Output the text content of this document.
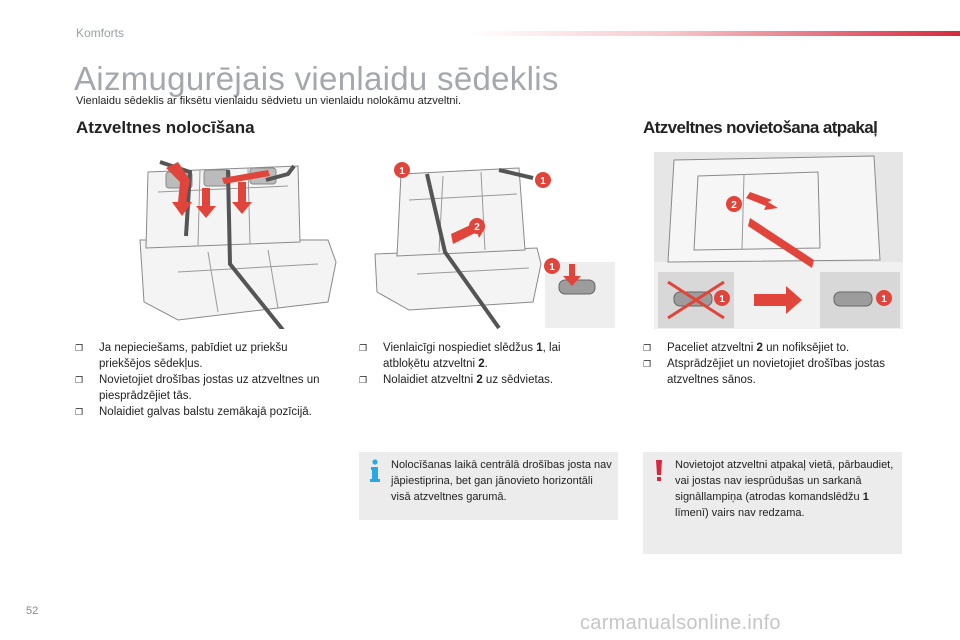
Komforts
Aizmugurējais vienlaidu sēdeklis
Vienlaidu sēdeklis ar fiksētu vienlaidu sēdvietu un vienlaidu nolokāmu atzveltni.
Atzveltnes nolocīšana	Atzveltnes novietošana atpakaļ
1
1
2
1
2
1	1
❐ Ja nepieciešams, pabīdiet uz priekšu priekšējos sēdekļus.
❐ Novietojiet drošības jostas uz atzveltnes un piesprādzējiet tās.
❐ Nolaidiet galvas balstu zemākajā pozīcijā.
❐ Vienlaicīgi nospiediet slēdžus 1, lai atbloķētu atzveltni 2.
❐ Nolaidiet atzveltni 2 uz sēdvietas.
❐ Paceliet atzveltni 2 un nofiksējiet to.
❐ Atsprādzējiet un novietojiet drošības jostas atzveltnes sānos.
Nolocīšanas laikā centrālā drošības josta nav jāpiestiprina, bet gan jānovieto horizontāli visā atzveltnes garumā.
Novietojot atzveltni atpakaļ vietā, pārbaudiet, vai jostas nav iesprūdušas un sarkanā signāllampiņa (atrodas komandslēdžu 1 līmenī) vairs nav redzama.
52
carmanualsonline.info
